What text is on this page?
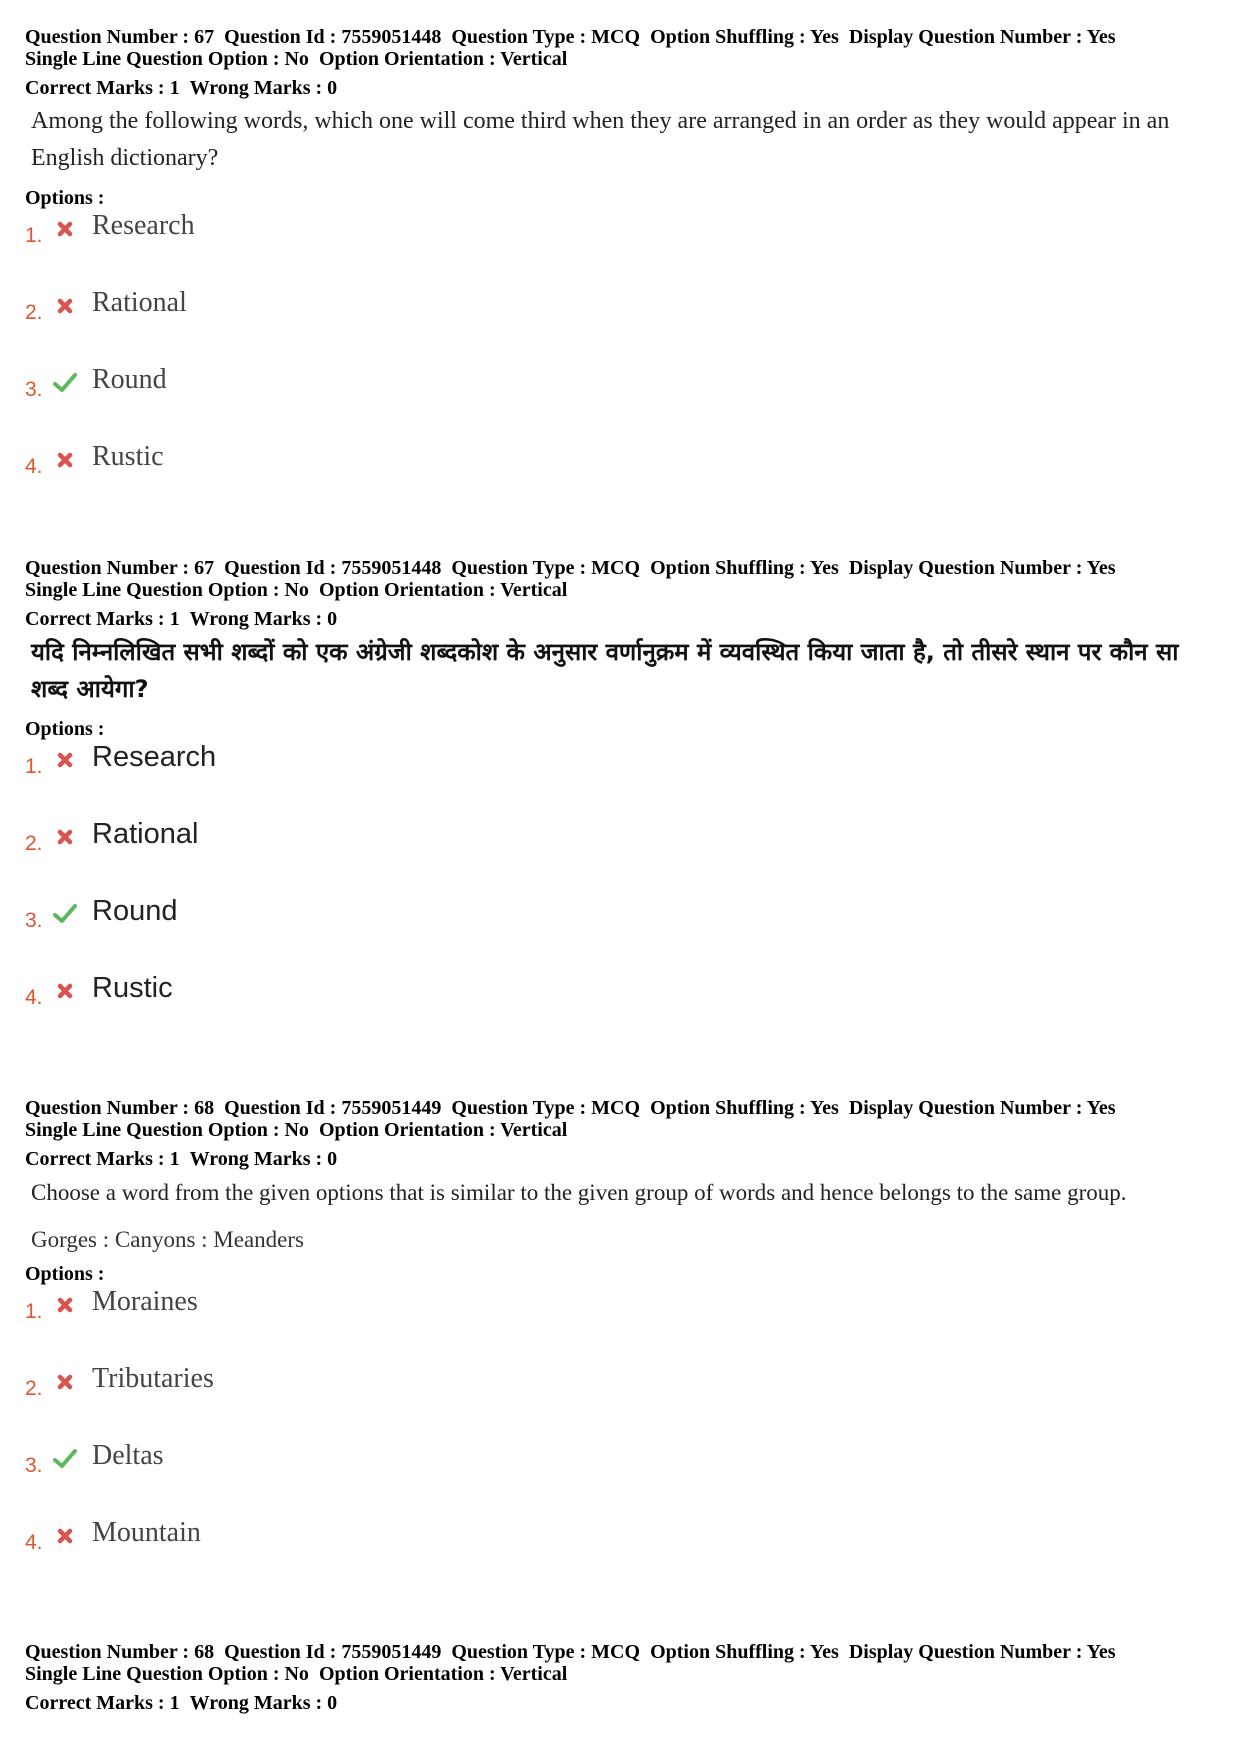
Question Number : 67 Question Id : 7559051448 Question Type : MCQ Option Shuffling : Yes Display Question Number : Yes
Single Line Question Option : No Option Orientation : Vertical
Correct Marks : 1 Wrong Marks : 0
Among the following words, which one will come third when they are arranged in an order as they would appear in an English dictionary?
Options :
1. Research
2. Rational
3. Round
4. Rustic
Question Number : 67 Question Id : 7559051448 Question Type : MCQ Option Shuffling : Yes Display Question Number : Yes
Single Line Question Option : No Option Orientation : Vertical
Correct Marks : 1 Wrong Marks : 0
यदि निम्नलिखित सभी शब्दों को एक अंग्रेजी शब्दकोश के अनुसार वर्णानुक्रम में व्यवस्थित किया जाता है, तो तीसरे स्थान पर कौन सा शब्द आयेगा?
Options :
1. Research
2. Rational
3. Round
4. Rustic
Question Number : 68 Question Id : 7559051449 Question Type : MCQ Option Shuffling : Yes Display Question Number : Yes
Single Line Question Option : No Option Orientation : Vertical
Correct Marks : 1 Wrong Marks : 0
Choose a word from the given options that is similar to the given group of words and hence belongs to the same group.
Gorges : Canyons : Meanders
Options :
1. Moraines
2. Tributaries
3. Deltas
4. Mountain
Question Number : 68 Question Id : 7559051449 Question Type : MCQ Option Shuffling : Yes Display Question Number : Yes
Single Line Question Option : No Option Orientation : Vertical
Correct Marks : 1 Wrong Marks : 0
